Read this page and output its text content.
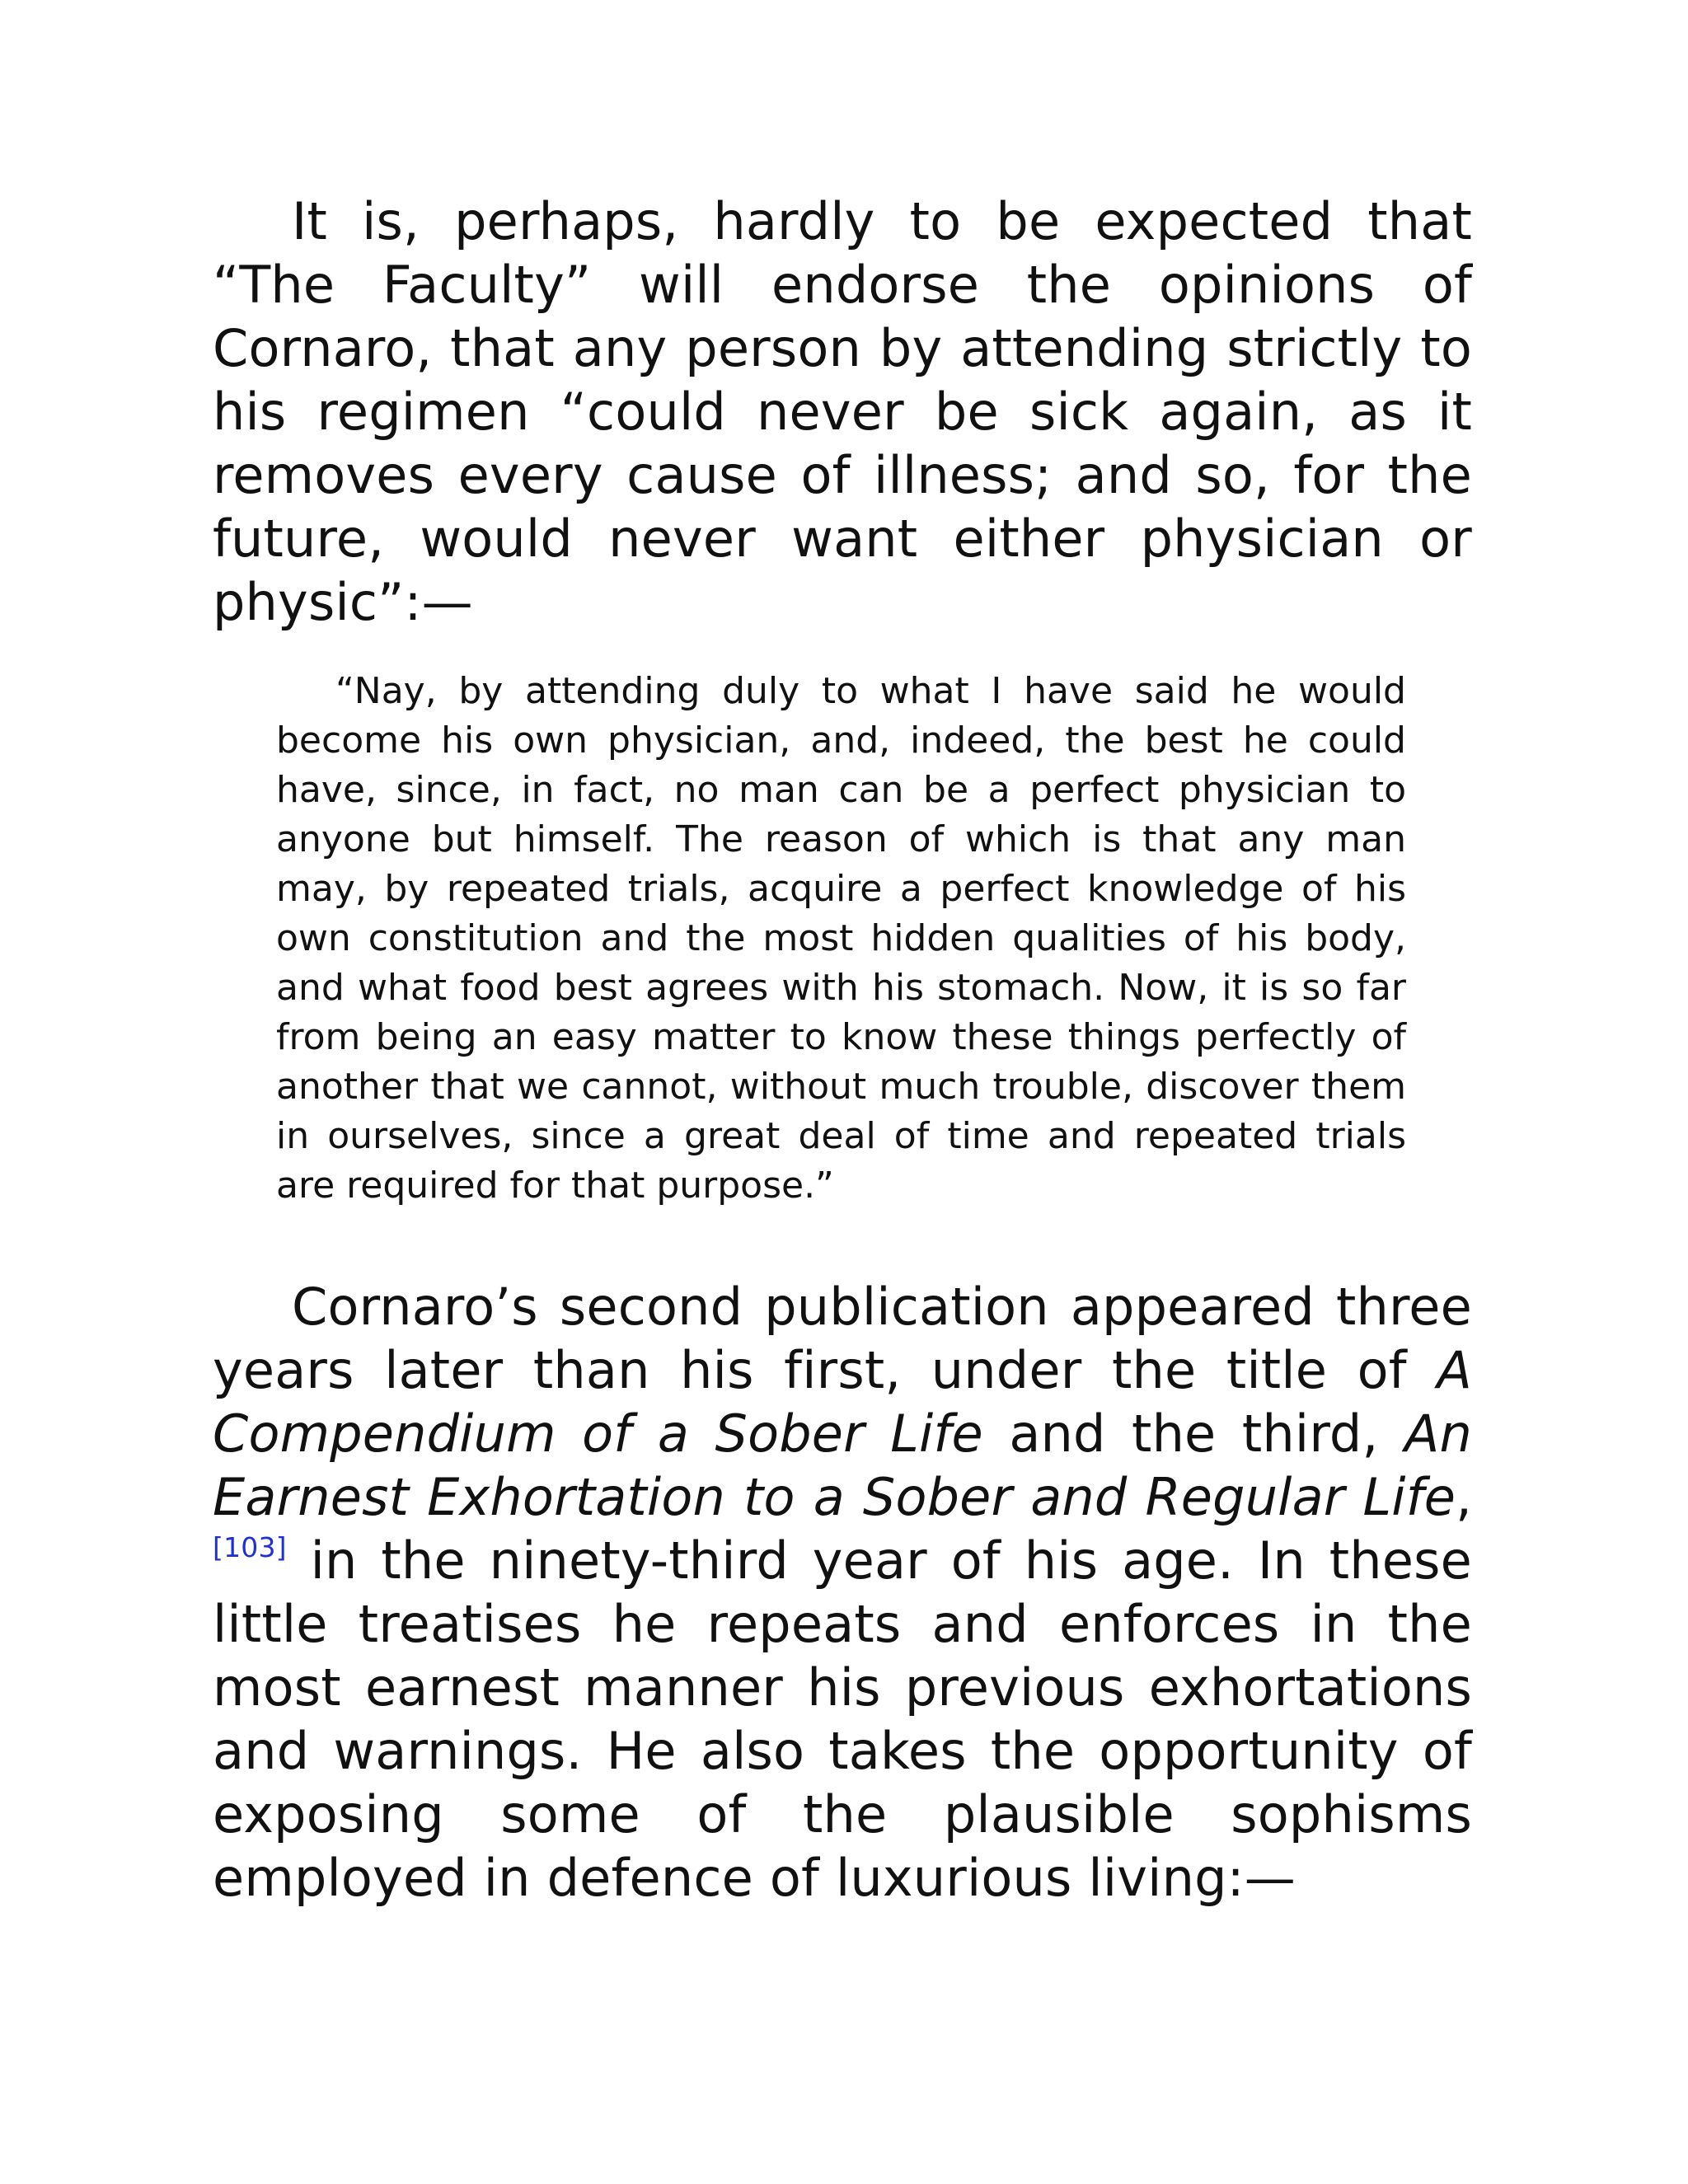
It is, perhaps, hardly to be expected that “The Faculty” will endorse the opinions of Cornaro, that any person by attending strictly to his regimen “could never be sick again, as it removes every cause of illness; and so, for the future, would never want either physician or physic”:—

“Nay, by attending duly to what I have said he would become his own physician, and, indeed, the best he could have, since, in fact, no man can be a perfect physician to anyone but himself. The reason of which is that any man may, by repeated trials, acquire a perfect knowledge of his own constitution and the most hidden qualities of his body, and what food best agrees with his stomach. Now, it is so far from being an easy matter to know these things perfectly of another that we cannot, without much trouble, discover them in ourselves, since a great deal of time and repeated trials are required for that purpose.”

Cornaro’s second publication appeared three years later than his first, under the title of A Compendium of a Sober Life and the third, An Earnest Exhortation to a Sober and Regular Life,[103] in the ninety-third year of his age. In these little treatises he repeats and enforces in the most earnest manner his previous exhortations and warnings. He also takes the opportunity of exposing some of the plausible sophisms employed in defence of luxurious living:—
